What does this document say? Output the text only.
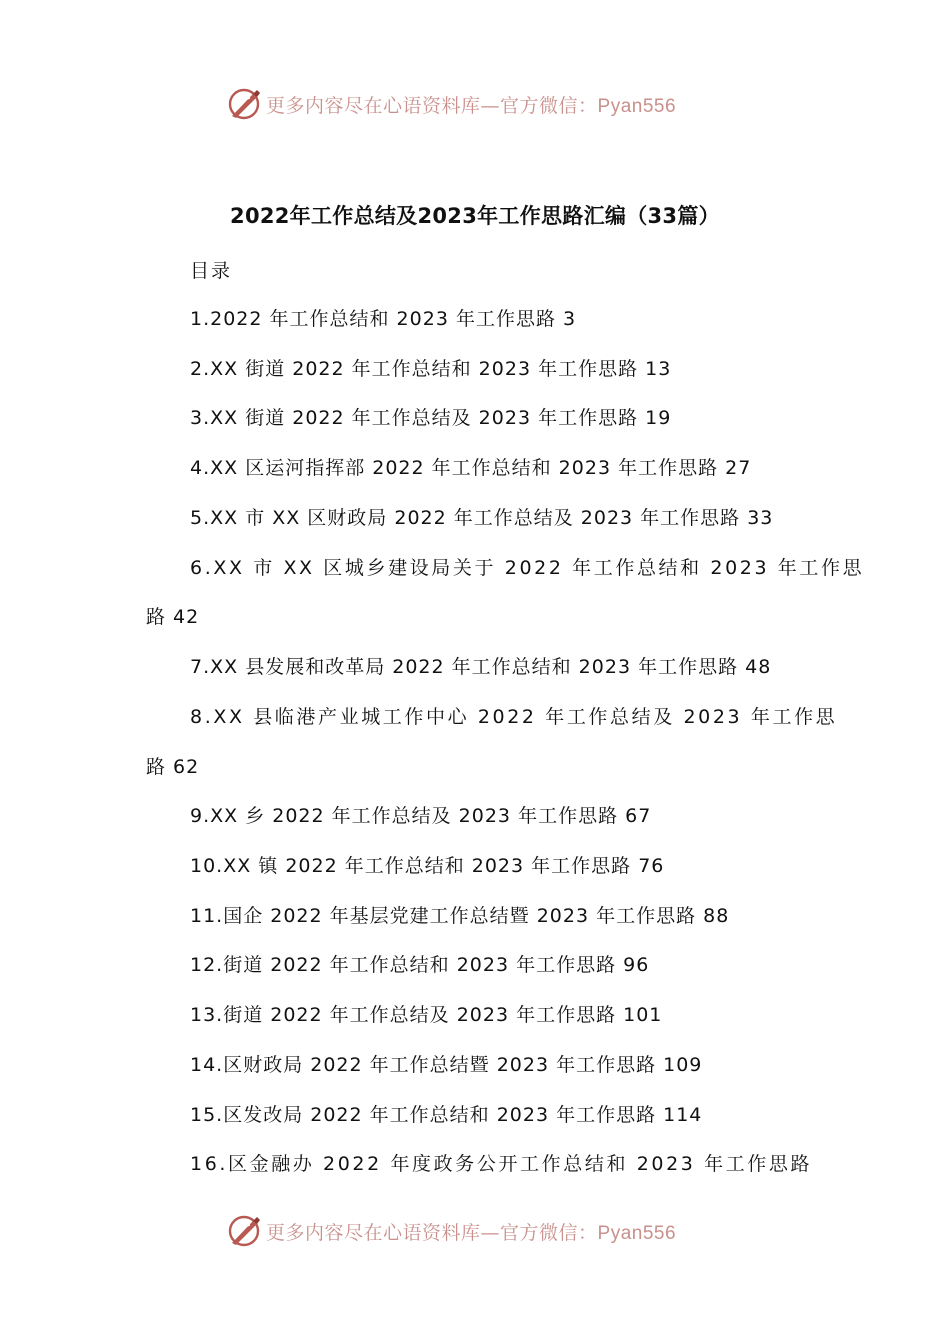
更多内容尽在心语资料库—官方微信：Pyan556
2022年工作总结及2023年工作思路汇编（33篇）
目录
1.2022 年工作总结和 2023 年工作思路 3
2.XX 街道 2022 年工作总结和 2023 年工作思路 13
3.XX 街道 2022 年工作总结及 2023 年工作思路 19
4.XX 区运河指挥部 2022 年工作总结和 2023 年工作思路 27
5.XX 市 XX 区财政局 2022 年工作总结及 2023 年工作思路 33
6.XX 市 XX 区城乡建设局关于 2022 年工作总结和 2023 年工作思
路 42
7.XX 县发展和改革局 2022 年工作总结和 2023 年工作思路 48
8.XX 县临港产业城工作中心 2022 年工作总结及 2023 年工作思
路 62
9.XX 乡 2022 年工作总结及 2023 年工作思路 67
10.XX 镇 2022 年工作总结和 2023 年工作思路 76
11.国企 2022 年基层党建工作总结暨 2023 年工作思路 88
12.街道 2022 年工作总结和 2023 年工作思路 96
13.街道 2022 年工作总结及 2023 年工作思路 101
14.区财政局 2022 年工作总结暨 2023 年工作思路 109
15.区发改局 2022 年工作总结和 2023 年工作思路 114
16.区金融办 2022 年度政务公开工作总结和 2023 年工作思路
更多内容尽在心语资料库—官方微信：Pyan556
